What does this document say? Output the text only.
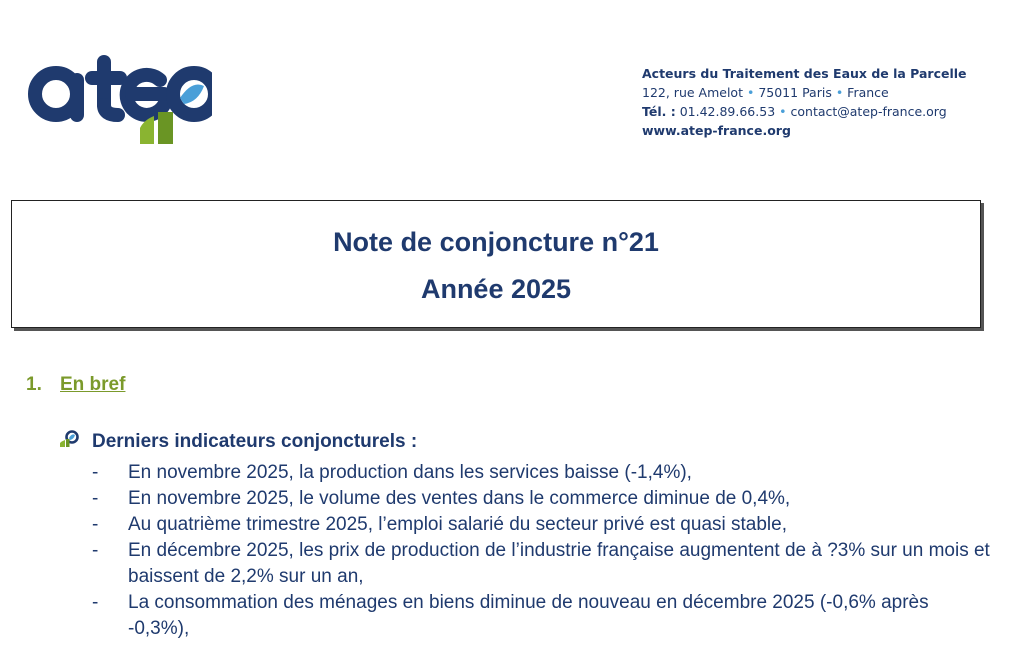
Acteurs du Traitement des Eaux de la Parcelle
122, rue Amelot • 75011 Paris • France
Tél. : 01.42.89.66.53 • contact@atep-france.org
www.atep-france.org
Note de conjoncture n°21
Année 2025
1. En bref
Derniers indicateurs conjoncturels :
- En novembre 2025, la production dans les services baisse (-1,4%),
- En novembre 2025, le volume des ventes dans le commerce diminue de 0,4%,
- Au quatrième trimestre 2025, l’emploi salarié du secteur privé est quasi stable,
- En décembre 2025, les prix de production de l’industrie française augmentent de à ?3% sur un mois et baissent de 2,2% sur un an,
- La consommation des ménages en biens diminue de nouveau en décembre 2025 (-0,6% après -0,3%),
